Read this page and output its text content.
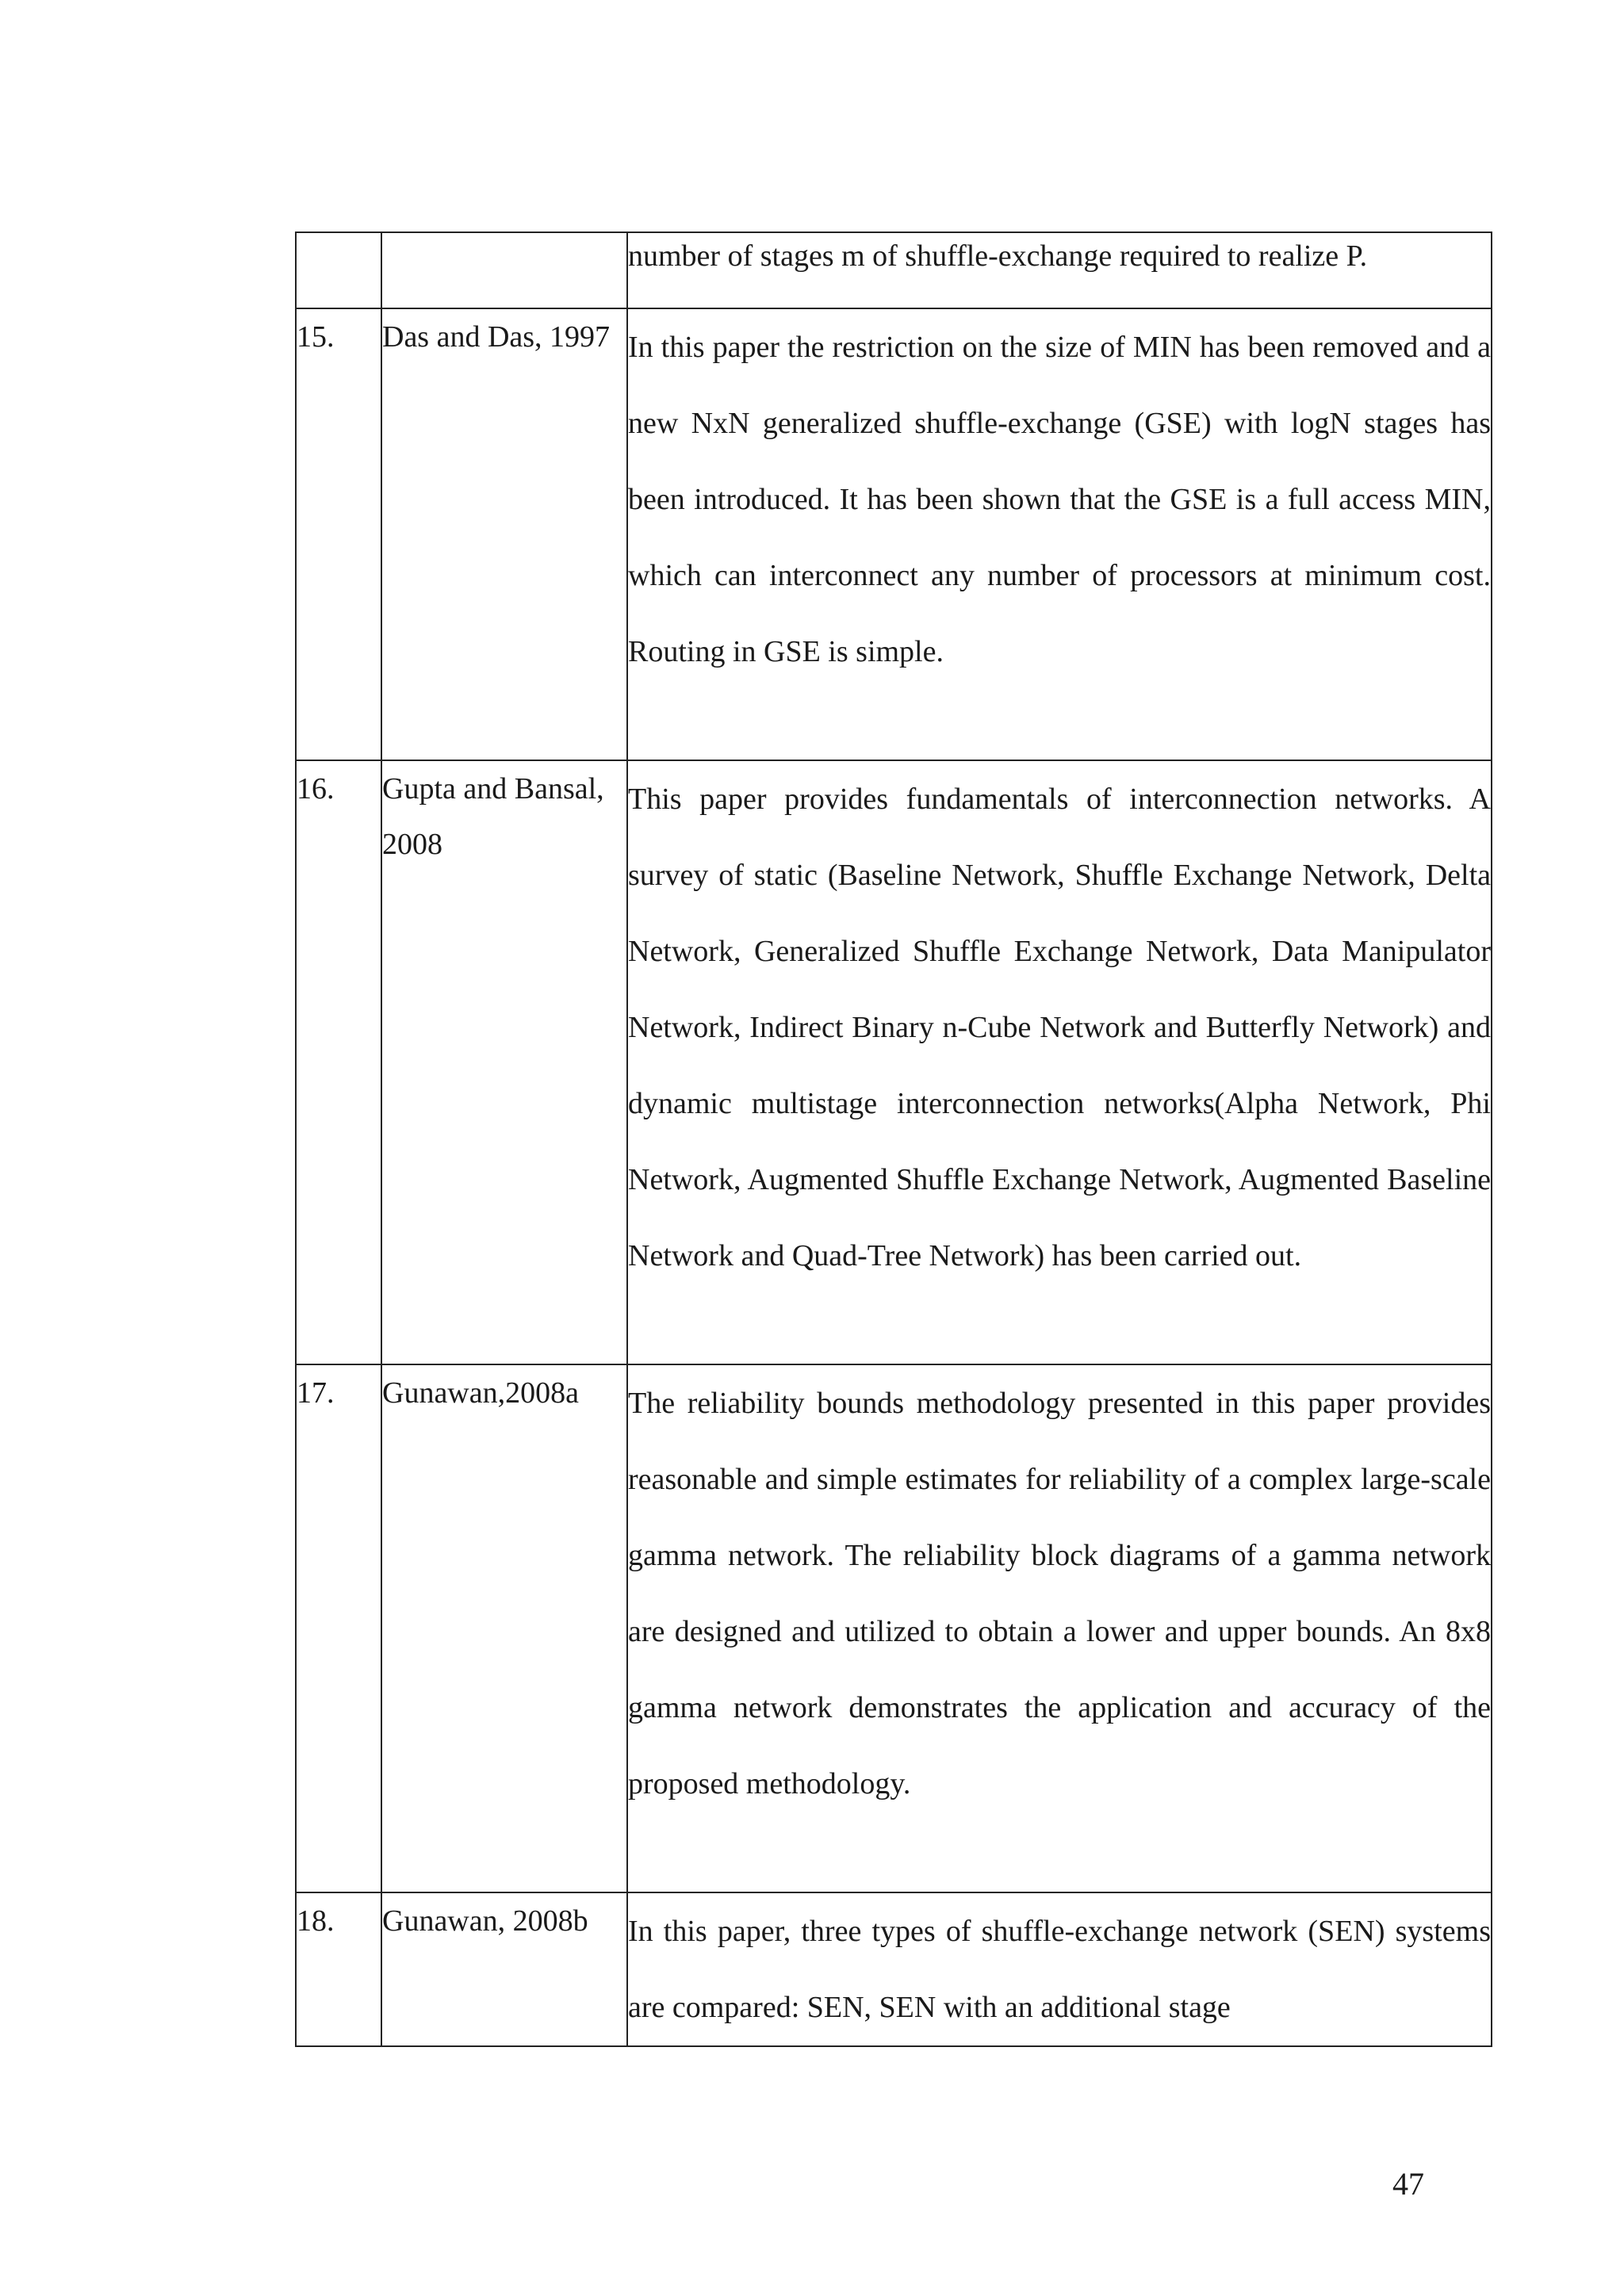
		number of stages m of shuffle-exchange required to realize P.
15.	Das and Das, 1997	In this paper the restriction on the size of MIN has been removed and a new NxN generalized shuffle-exchange (GSE) with logN stages has been introduced. It has been shown that the GSE is a full access MIN, which can interconnect any number of processors at minimum cost. Routing in GSE is simple.
16.	Gupta and Bansal, 2008	This paper provides fundamentals of interconnection networks. A survey of static (Baseline Network, Shuffle Exchange Network, Delta Network, Generalized Shuffle Exchange Network, Data Manipulator Network, Indirect Binary n-Cube Network and Butterfly Network) and dynamic multistage interconnection networks(Alpha Network, Phi Network, Augmented Shuffle Exchange Network, Augmented Baseline Network and Quad-Tree Network) has been carried out.
17.	Gunawan,2008a	The reliability bounds methodology presented in this paper provides reasonable and simple estimates for reliability of a complex large-scale gamma network. The reliability block diagrams of a gamma network are designed and utilized to obtain a lower and upper bounds. An 8x8 gamma network demonstrates the application and accuracy of the proposed methodology.
18.	Gunawan, 2008b	In this paper, three types of shuffle-exchange network (SEN) systems are compared: SEN, SEN with an additional stage
47
